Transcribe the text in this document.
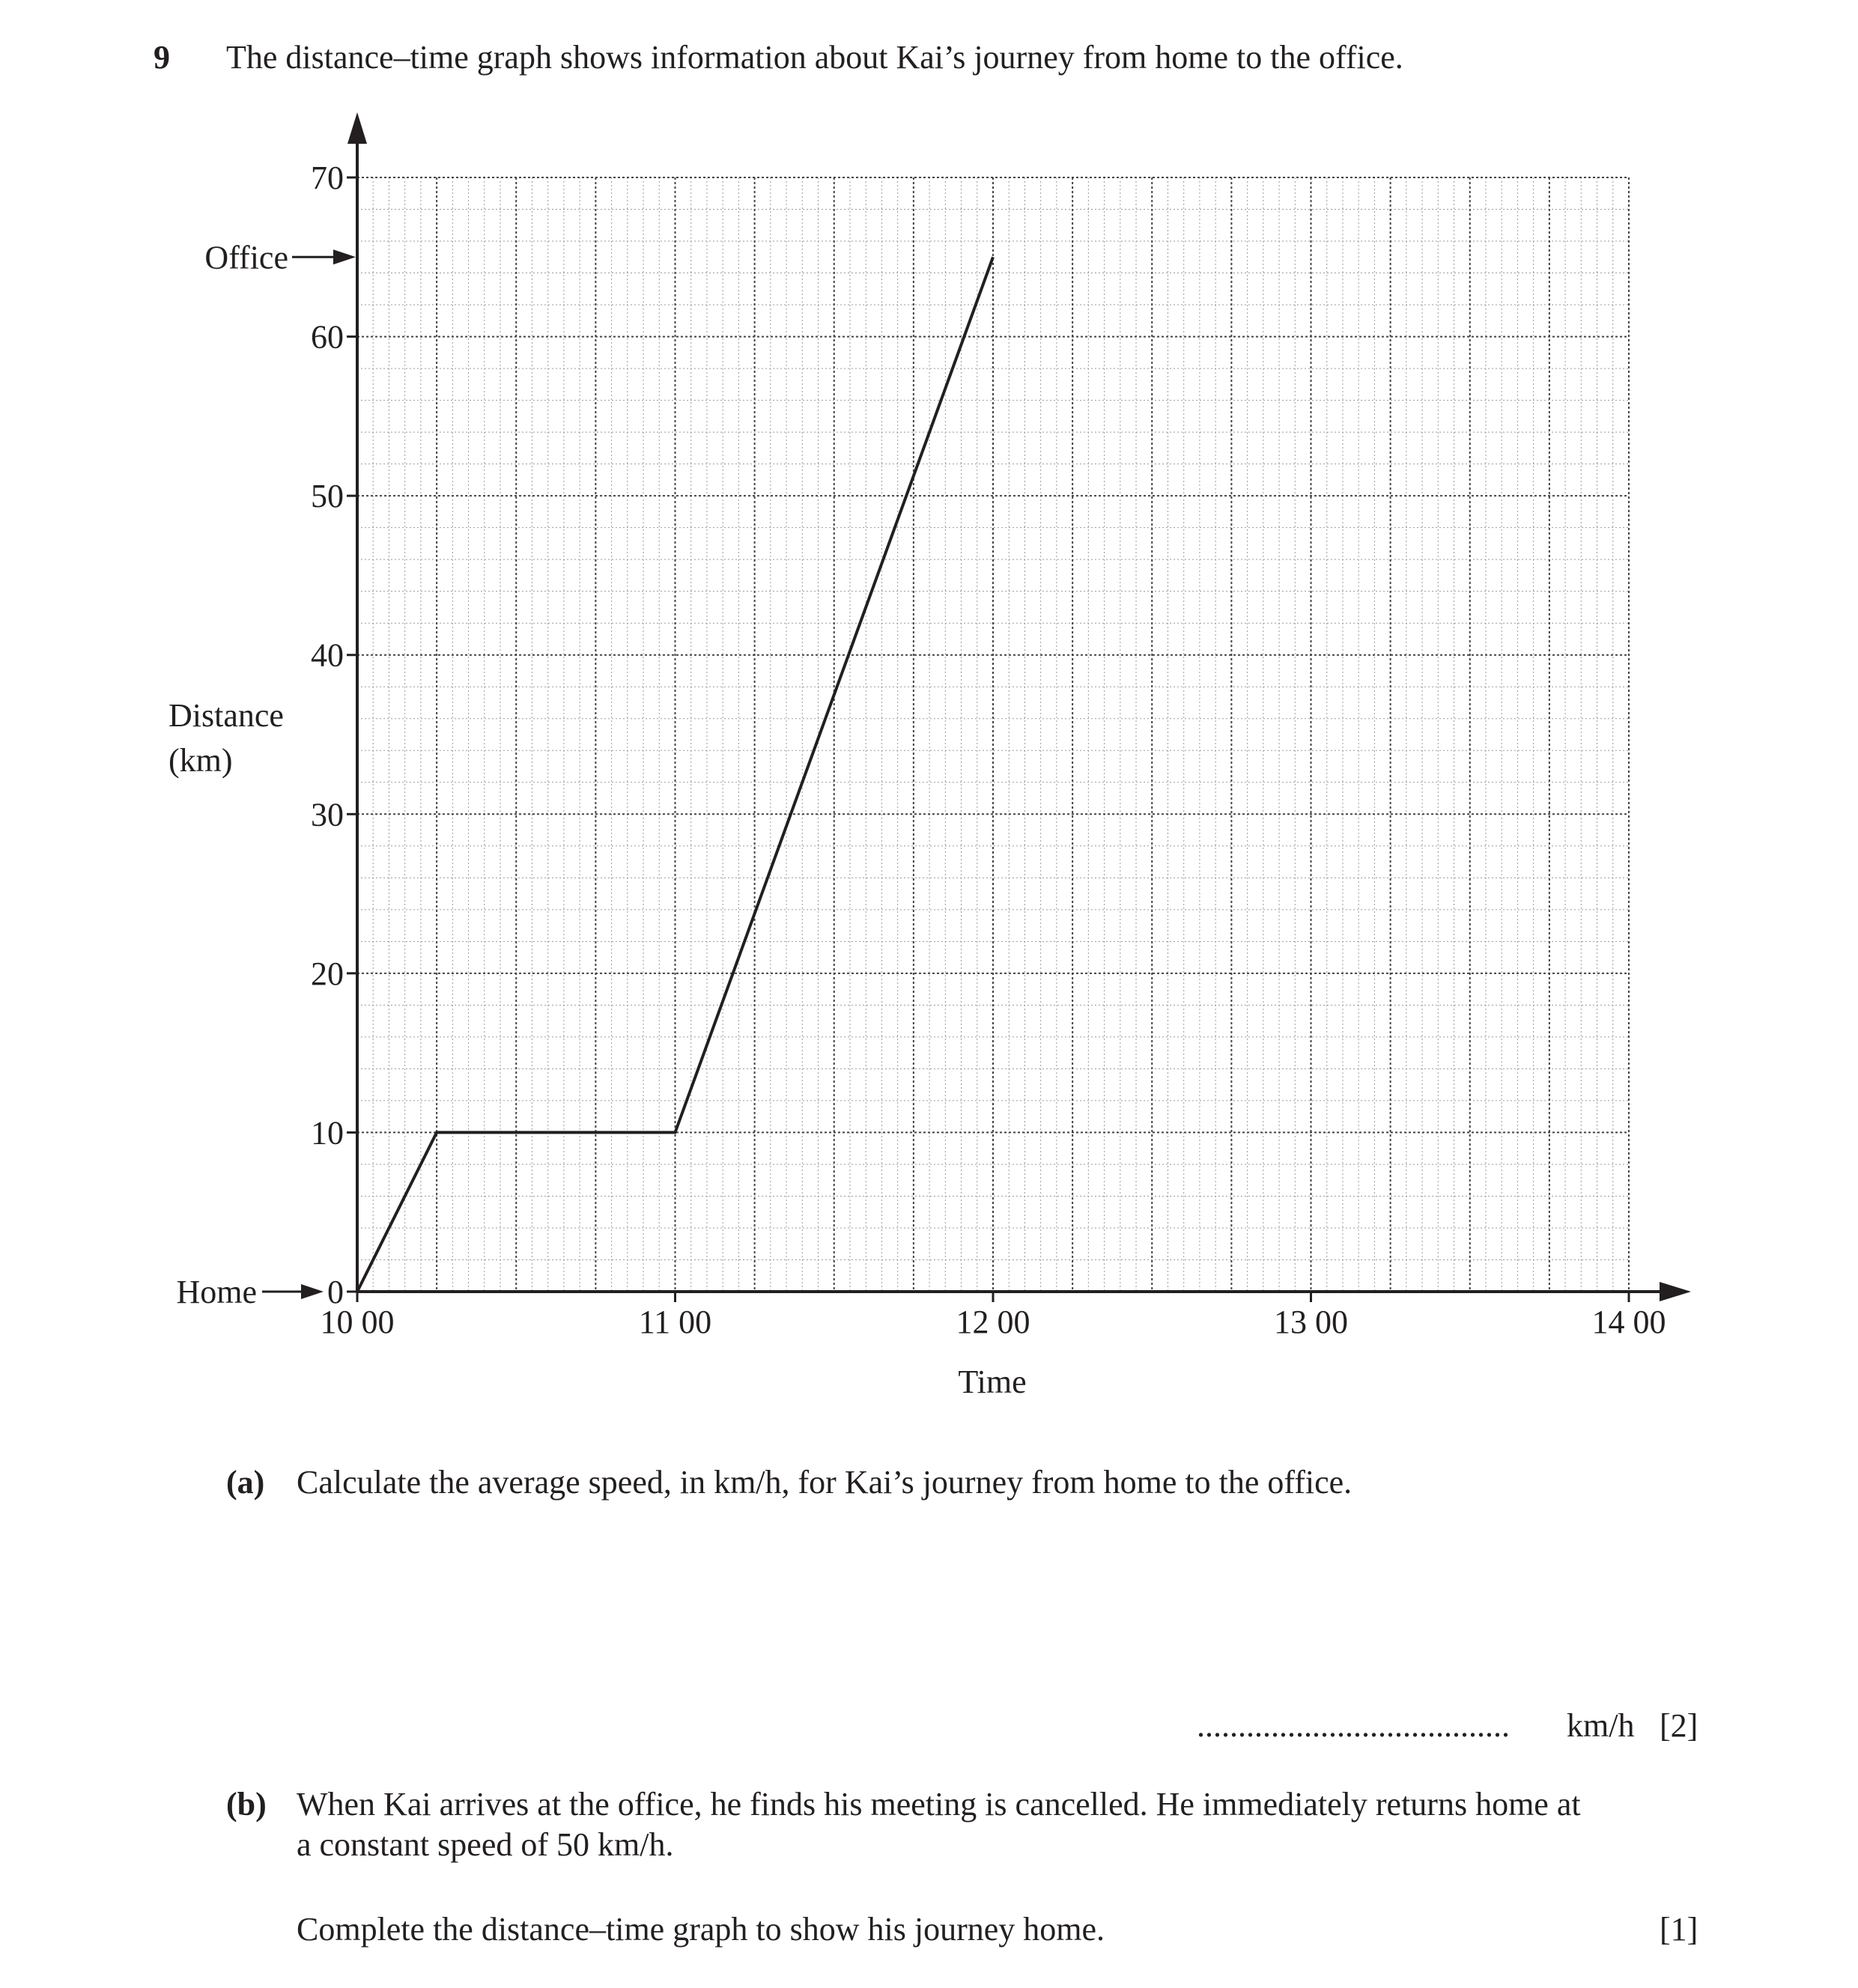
9 The distance–time graph shows information about Kai’s journey from home to the office.
0
10
20
30
40
50
60
70
10 00	11 00	12 00	13 00	14 00
Office
Home
Distance
(km)
Time
(a) Calculate the average speed, in km/h, for Kai’s journey from home to the office.
...................................... km/h [2]
(b) When Kai arrives at the office, he finds his meeting is cancelled. He immediately returns home at
a constant speed of 50 km/h.
Complete the distance–time graph to show his journey home.	[1]
